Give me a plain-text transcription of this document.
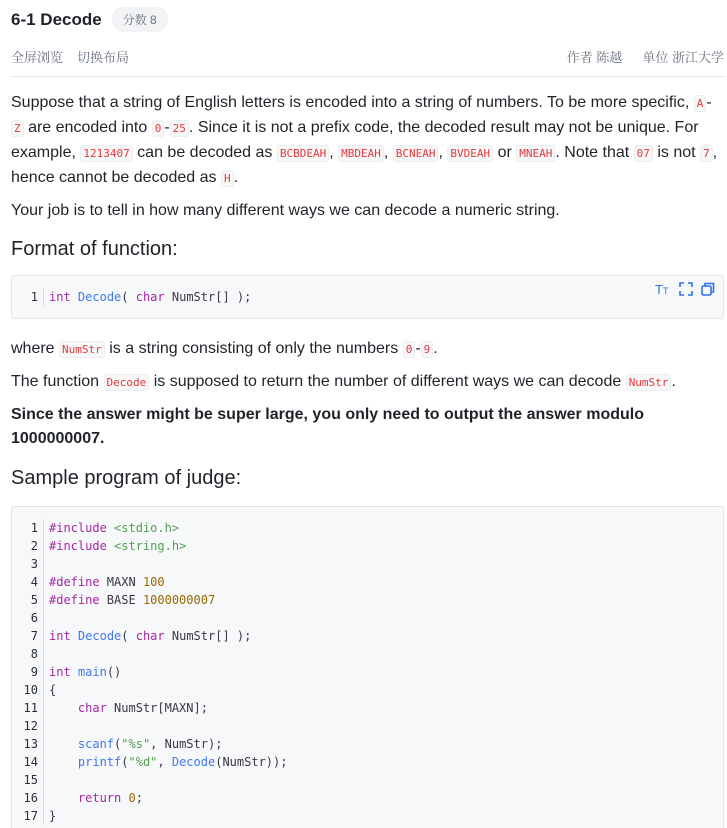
6-1 Decode	分数 8
全屏浏览 切换布局	作者 陈越 单位 浙江大学

Suppose that a string of English letters is encoded into a string of numbers. To be more specific, A -Z are encoded into 0 - 25 . Since it is not a prefix code, the decoded result may not be unique. For example, 1213407 can be decoded as BCBDEAH , MBDEAH , BCNEAH , BVDEAH or MNEAH . Note that 07 is not 7 , hence cannot be decoded as H .

Your job is to tell in how many different ways we can decode a numeric string.

Format of function:
1 int Decode( char NumStr[] );	T T

where NumStr is a string consisting of only the numbers 0 - 9 .

The function Decode is supposed to return the number of different ways we can decode NumStr .

Since the answer might be super large, you only need to output the answer modulo 1000000007.

Sample program of judge:
1 #include <stdio.h>
2 #include <string.h>
3
4 #define MAXN 100
5 #define BASE 1000000007
6
7 int Decode( char NumStr[] );
8
9 int main()
10 {
11	char NumStr[MAXN];
12
13	scanf("%s", NumStr);
14	printf("%d", Decode(NumStr));
15
16	return 0;
17 }
